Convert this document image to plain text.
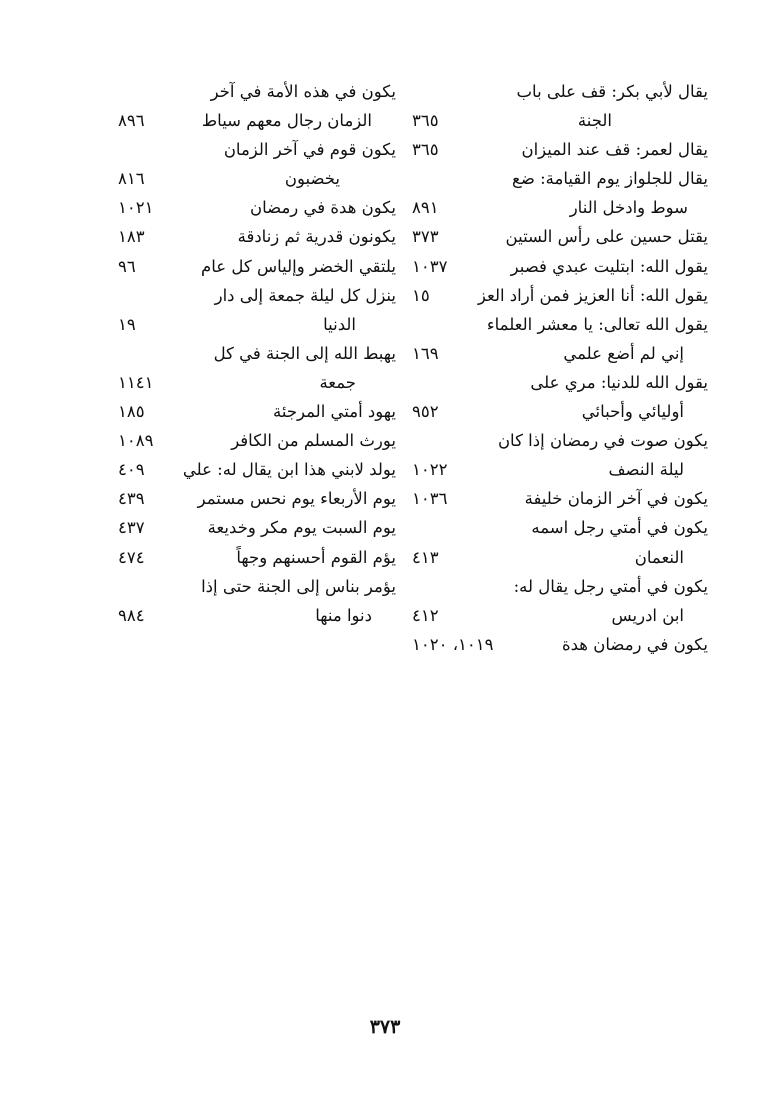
يقال لأبي بكر: قف على باب
الجنة
٣٦٥
يقال لعمر: قف عند الميزان
٣٦٥
يقال للجلواز يوم القيامة: ضع
سوط وادخل النار
٨٩١
يقتل حسين على رأس الستين
٣٧٣
يقول الله: ابتليت عبدي فصبر
١٠٣٧
يقول الله: أنا العزيز فمن أراد العز
١٥
يقول الله تعالى: يا معشر العلماء
إني لم أضع علمي
١٦٩
يقول الله للدنيا: مري على
أوليائي وأحبائي
٩٥٢
يكون صوت في رمضان إذا كان
ليلة النصف
١٠٢٢
يكون في آخر الزمان خليفة
١٠٣٦
يكون في أمتي رجل اسمه
النعمان
٤١٣
يكون في أمتي رجل يقال له:
ابن ادريس
٤١٢
يكون في رمضان هدة
١٠١٩، ١٠٢٠
يكون في هذه الأمة في آخر
الزمان رجال معهم سياط
٨٩٦
يكون قوم في آخر الزمان
يخضبون
٨١٦
يكون هدة في رمضان
١٠٢١
يكونون قدرية ثم زنادقة
١٨٣
يلتقي الخضر وإلياس كل عام
٩٦
ينزل كل ليلة جمعة إلى دار
الدنيا
١٩
يهبط الله إلى الجنة في كل
جمعة
١١٤١
يهود أمتي المرجئة
١٨٥
يورث المسلم من الكافر
١٠٨٩
يولد لابني هذا ابن يقال له: علي
٤٠٩
يوم الأربعاء يوم نحس مستمر
٤٣٩
يوم السبت يوم مكر وخديعة
٤٣٧
يؤم القوم أحسنهم وجهاً
٤٧٤
يؤمر بناس إلى الجنة حتى إذا
دنوا منها
٩٨٤
٣٧٣
